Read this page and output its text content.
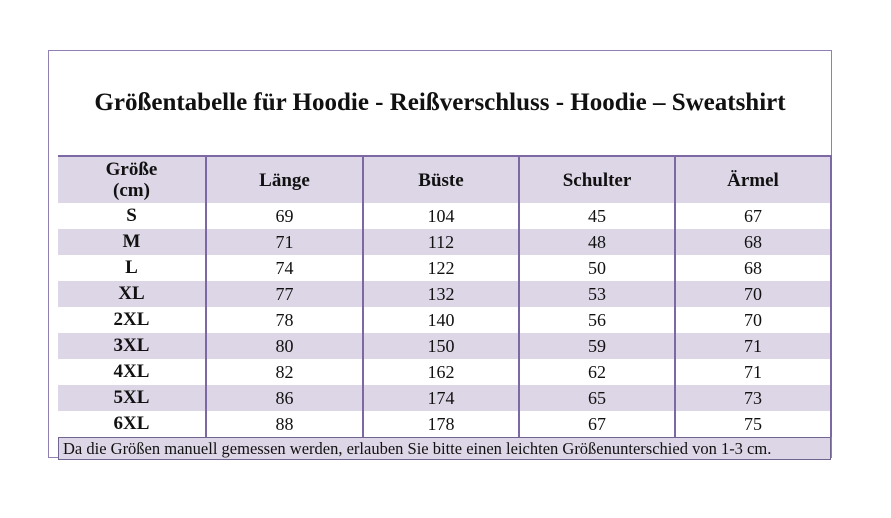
Größentabelle für Hoodie - Reißverschluss - Hoodie – Sweatshirt
Größe
(cm)	Länge	Büste	Schulter	Ärmel
S	69	104	45	67
M	71	112	48	68
L	74	122	50	68
XL	77	132	53	70
2XL	78	140	56	70
3XL	80	150	59	71
4XL	82	162	62	71
5XL	86	174	65	73
6XL	88	178	67	75
Da die Größen manuell gemessen werden, erlauben Sie bitte einen leichten Größenunterschied von 1-3 cm.
